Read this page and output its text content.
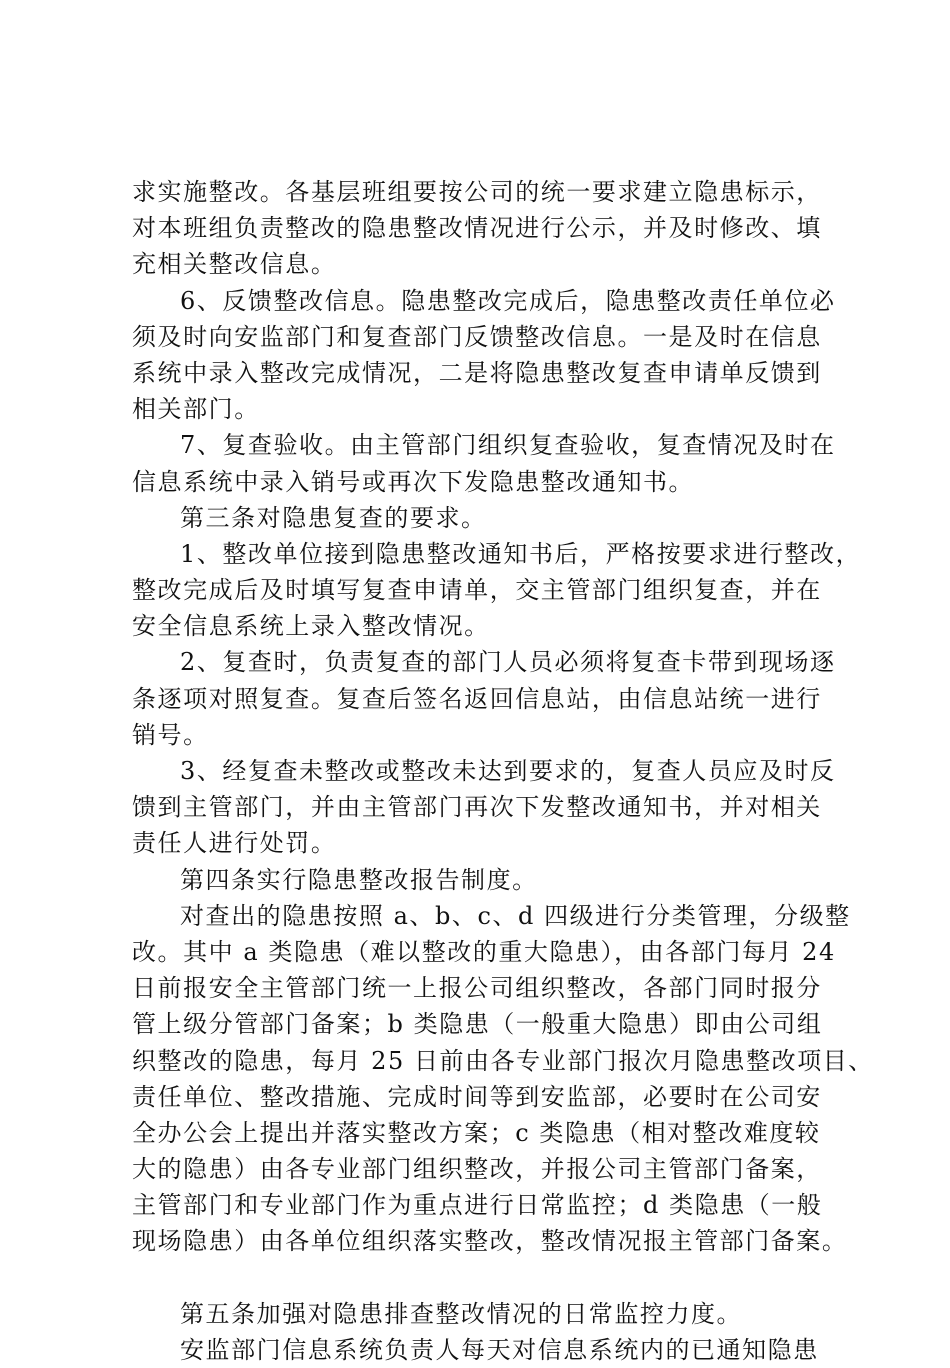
求实施整改。各基层班组要按公司的统一要求建立隐患标示，
对本班组负责整改的隐患整改情况进行公示，并及时修改、填
充相关整改信息。
6、反馈整改信息。隐患整改完成后，隐患整改责任单位必
须及时向安监部门和复查部门反馈整改信息。一是及时在信息
系统中录入整改完成情况，二是将隐患整改复查申请单反馈到
相关部门。
7、复查验收。由主管部门组织复查验收，复查情况及时在
信息系统中录入销号或再次下发隐患整改通知书。
第三条对隐患复查的要求。
1、整改单位接到隐患整改通知书后，严格按要求进行整改，
整改完成后及时填写复查申请单，交主管部门组织复查，并在
安全信息系统上录入整改情况。
2、复查时，负责复查的部门人员必须将复查卡带到现场逐
条逐项对照复查。复查后签名返回信息站，由信息站统一进行
销号。
3、经复查未整改或整改未达到要求的，复查人员应及时反
馈到主管部门，并由主管部门再次下发整改通知书，并对相关
责任人进行处罚。
第四条实行隐患整改报告制度。
对查出的隐患按照 a、b、c、d 四级进行分类管理，分级整
改。其中 a 类隐患（难以整改的重大隐患），由各部门每月 24
日前报安全主管部门统一上报公司组织整改，各部门同时报分
管上级分管部门备案；b 类隐患（一般重大隐患）即由公司组
织整改的隐患，每月 25 日前由各专业部门报次月隐患整改项目、
责任单位、整改措施、完成时间等到安监部，必要时在公司安
全办公会上提出并落实整改方案；c 类隐患（相对整改难度较
大的隐患）由各专业部门组织整改，并报公司主管部门备案，
主管部门和专业部门作为重点进行日常监控；d 类隐患（一般
现场隐患）由各单位组织落实整改，整改情况报主管部门备案。
第五条加强对隐患排查整改情况的日常监控力度。
安监部门信息系统负责人每天对信息系统内的已通知隐患
